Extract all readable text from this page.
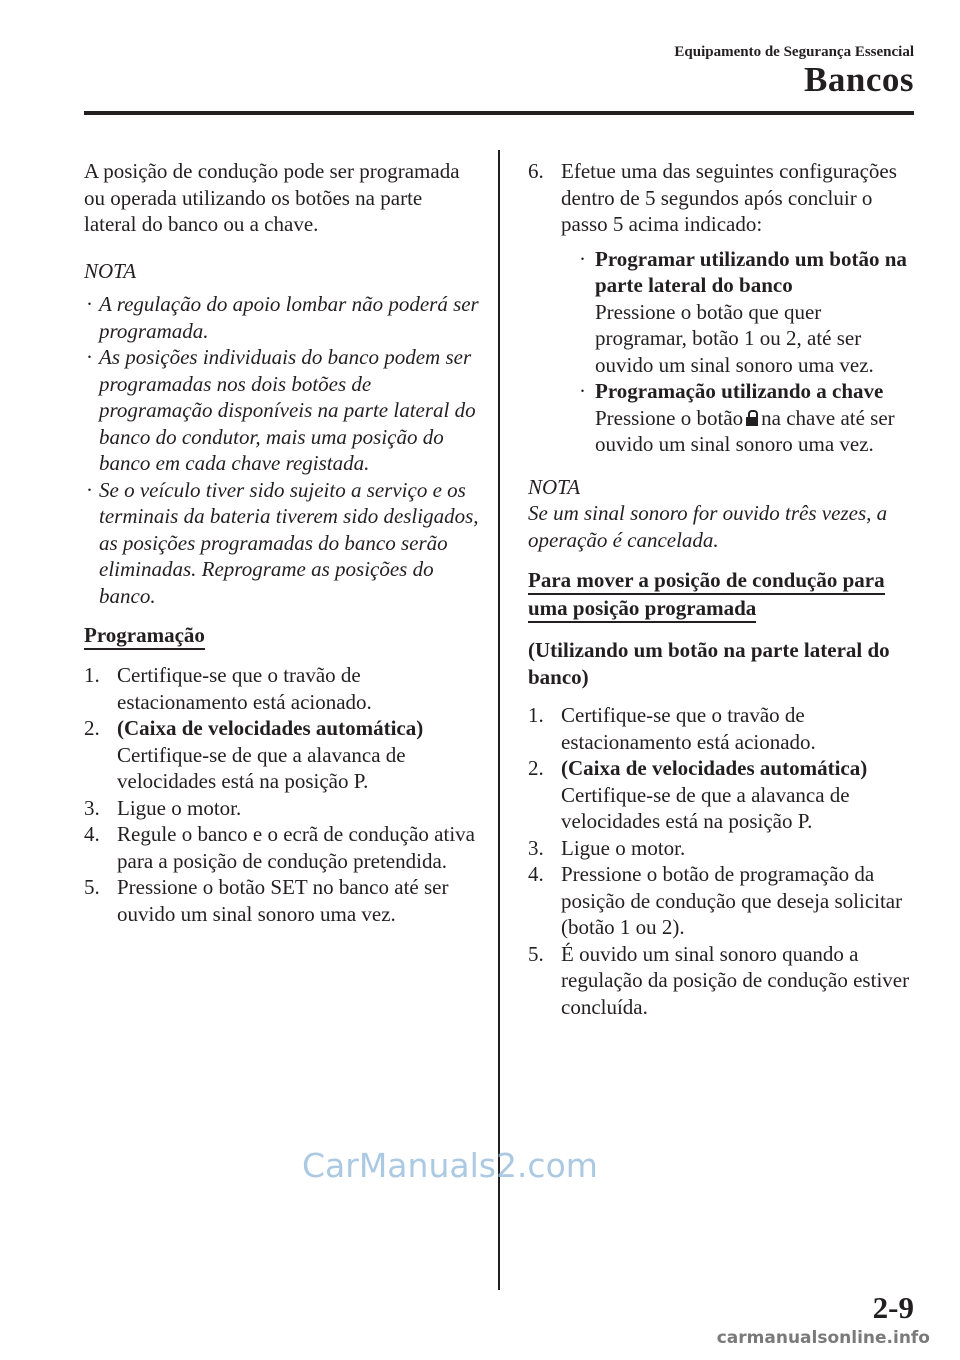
Equipamento de Segurança Essencial
Bancos

A posição de condução pode ser programada ou operada utilizando os botões na parte lateral do banco ou a chave.

NOTA

· A regulação do apoio lombar não poderá ser programada.
· As posições individuais do banco podem ser programadas nos dois botões de programação disponíveis na parte lateral do banco do condutor, mais uma posição do banco em cada chave registada.
· Se o veículo tiver sido sujeito a serviço e os terminais da bateria tiverem sido desligados, as posições programadas do banco serão eliminadas. Reprograme as posições do banco.
Programação
1. Certifique-se que o travão de estacionamento está acionado.
2. (Caixa de velocidades automática)
Certifique-se de que a alavanca de velocidades está na posição P.
3. Ligue o motor.
4. Regule o banco e o ecrã de condução ativa para a posição de condução pretendida.
5. Pressione o botão SET no banco até ser ouvido um sinal sonoro uma vez.
6. Efetue uma das seguintes configurações dentro de 5 segundos após concluir o passo 5 acima indicado:
· Programar utilizando um botão na parte lateral do banco
Pressione o botão que quer programar, botão 1 ou 2, até ser ouvido um sinal sonoro uma vez.
· Programação utilizando a chave
Pressione o botão na chave até ser ouvido um sinal sonoro uma vez.

NOTA

Se um sinal sonoro for ouvido três vezes, a operação é cancelada.

Para mover a posição de condução para
uma posição programada

(Utilizando um botão na parte lateral do banco)

1. Certifique-se que o travão de estacionamento está acionado.
2. (Caixa de velocidades automática)
Certifique-se de que a alavanca de velocidades está na posição P.
3. Ligue o motor.
4. Pressione o botão de programação da posição de condução que deseja solicitar (botão 1 ou 2).
5. É ouvido um sinal sonoro quando a regulação da posição de condução estiver concluída.
CarManuals2.com
2-9
carmanualsonline.info
